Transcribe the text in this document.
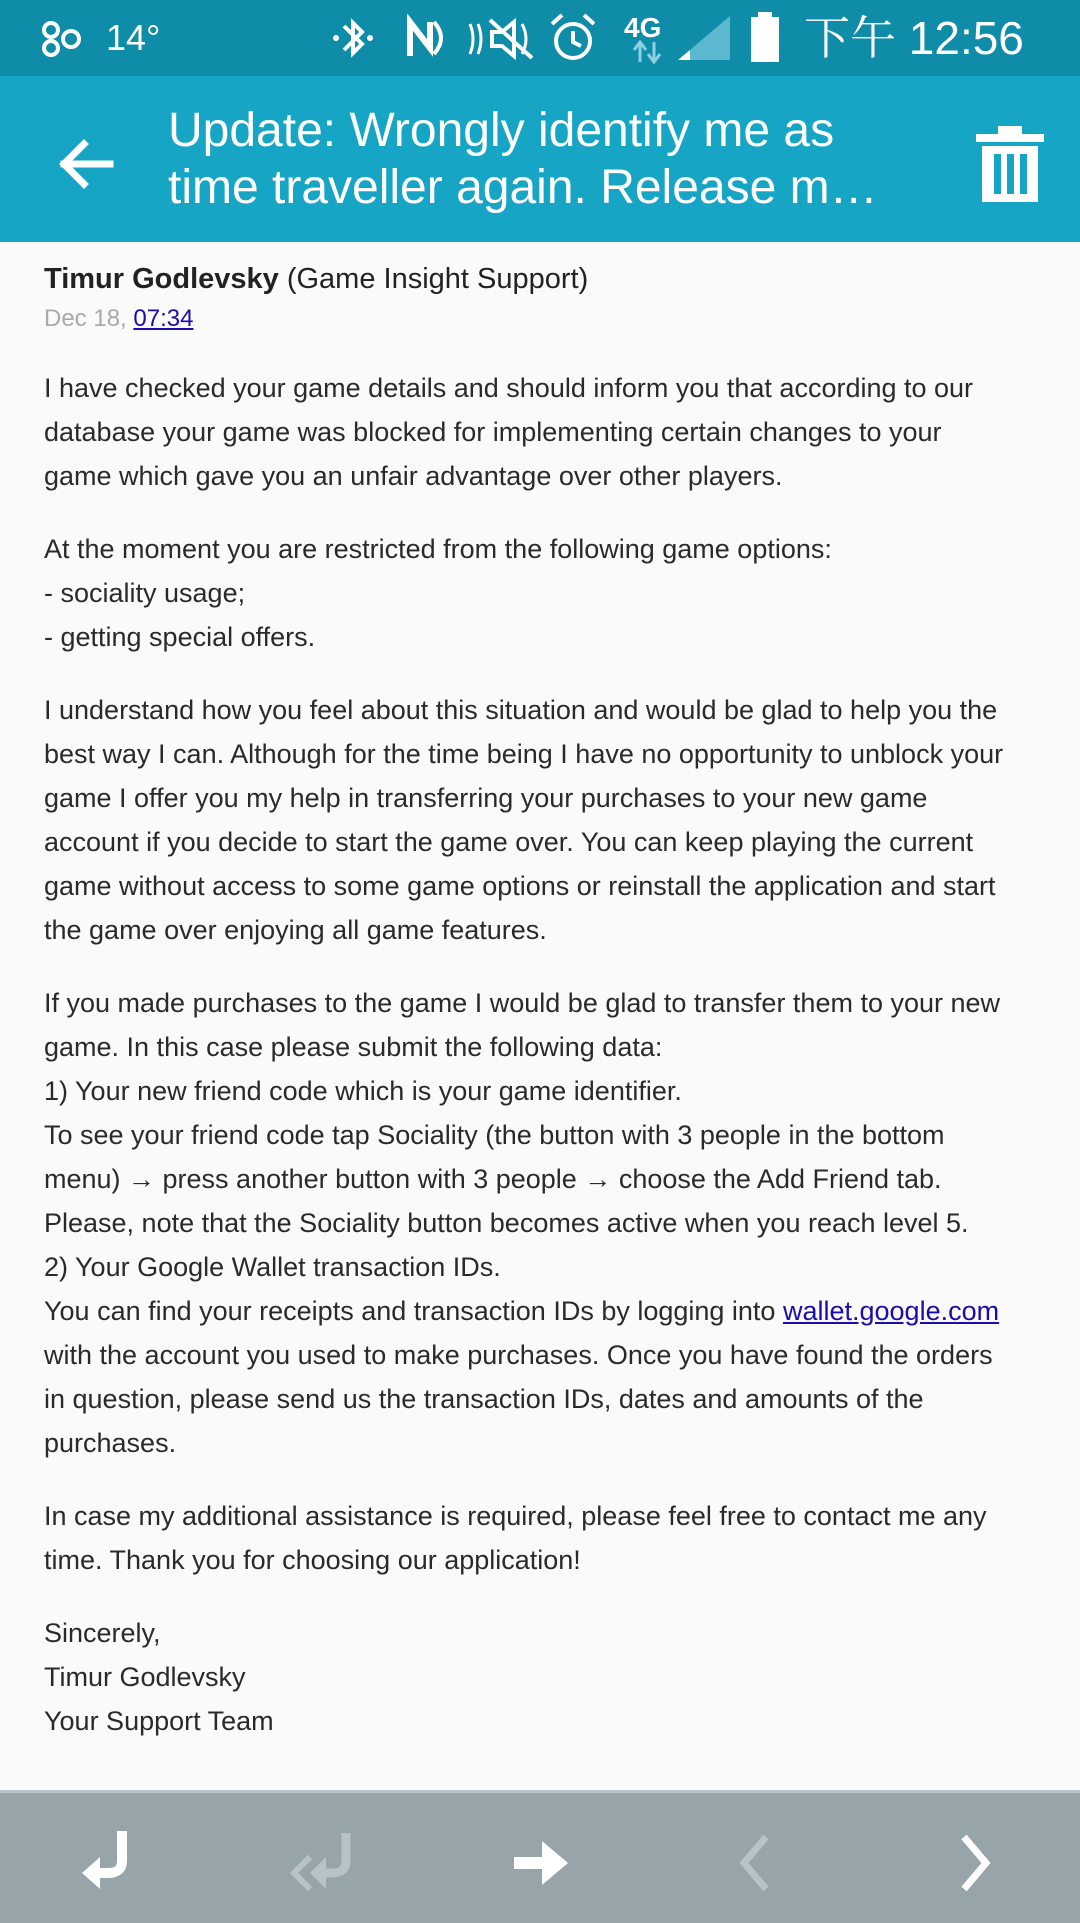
14°	4G	下午 12:56
Update: Wrongly identify me as time traveller again. Release m…
Timur Godlevsky (Game Insight Support)
Dec 18, 07:34
I have checked your game details and should inform you that according to our
database your game was blocked for implementing certain changes to your
game which gave you an unfair advantage over other players.
At the moment you are restricted from the following game options:
- sociality usage;
- getting special offers.
I understand how you feel about this situation and would be glad to help you the
best way I can. Although for the time being I have no opportunity to unblock your
game I offer you my help in transferring your purchases to your new game
account if you decide to start the game over. You can keep playing the current
game without access to some game options or reinstall the application and start
the game over enjoying all game features.
If you made purchases to the game I would be glad to transfer them to your new
game. In this case please submit the following data:
1) Your new friend code which is your game identifier.
To see your friend code tap Sociality (the button with 3 people in the bottom
menu) → press another button with 3 people → choose the Add Friend tab.
Please, note that the Sociality button becomes active when you reach level 5.
2) Your Google Wallet transaction IDs.
You can find your receipts and transaction IDs by logging into wallet.google.com
with the account you used to make purchases. Once you have found the orders
in question, please send us the transaction IDs, dates and amounts of the
purchases.
In case my additional assistance is required, please feel free to contact me any
time. Thank you for choosing our application!
Sincerely,
Timur Godlevsky
Your Support Team
